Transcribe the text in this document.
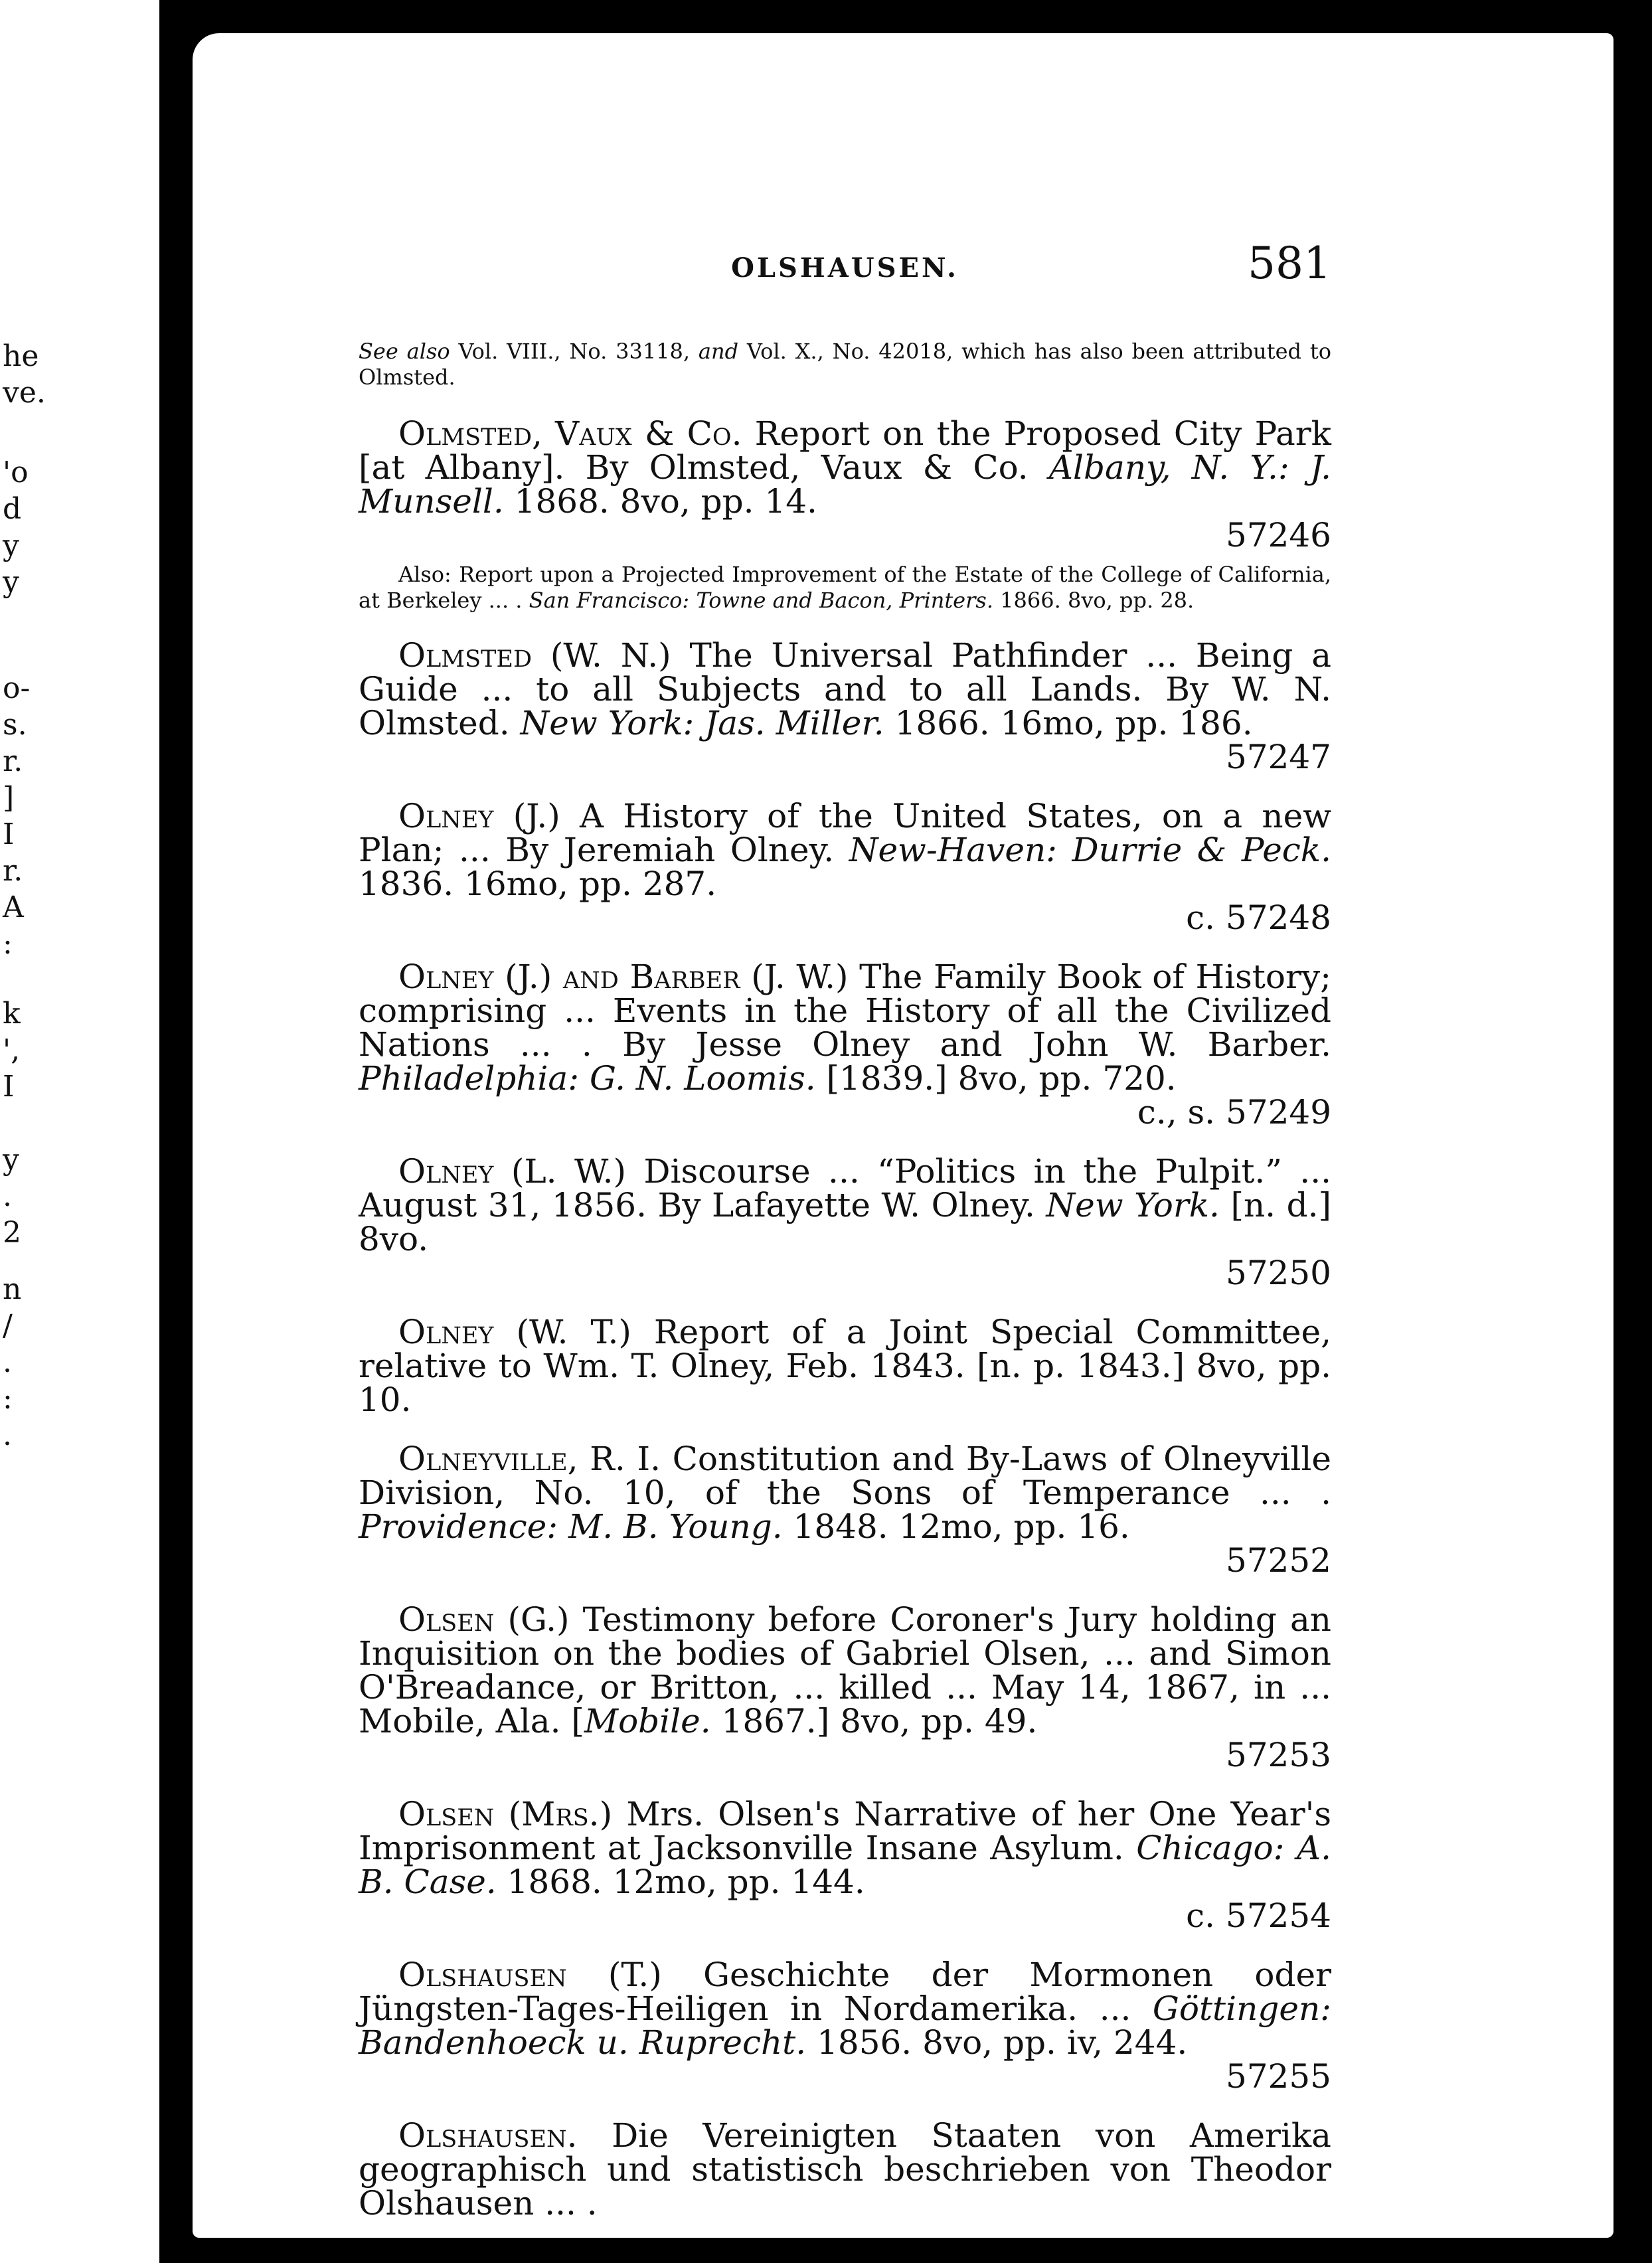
he
ve.
'o
d
y
y
o-
s.
r.
]
I
r.
A
:
k
',
I
y
.
2
n
/
.
:
.
OLSHAUSEN.	581
See also Vol. VIII., No. 33118, and Vol. X., No. 42018, which has also been attributed to Olmsted.
Olmsted, Vaux & Co. Report on the Proposed City Park [at Albany]. By Olmsted, Vaux & Co. Albany, N. Y.: J. Munsell. 1868. 8vo, pp. 14.
57246
Also: Report upon a Projected Improvement of the Estate of the College of California, at Berkeley ... . San Francisco: Towne and Bacon, Printers. 1866. 8vo, pp. 28.
Olmsted (W. N.) The Universal Pathfinder ... Being a Guide ... to all Subjects and to all Lands. By W. N. Olmsted. New York: Jas. Miller. 1866. 16mo, pp. 186.
57247
Olney (J.) A History of the United States, on a new Plan; ... By Jeremiah Olney. New-Haven: Durrie & Peck. 1836. 16mo, pp. 287.
c. 57248
Olney (J.) and Barber (J. W.) The Family Book of History; comprising ... Events in the History of all the Civilized Nations ... . By Jesse Olney and John W. Barber. Philadelphia: G. N. Loomis. [1839.] 8vo, pp. 720.
c., s. 57249
Olney (L. W.) Discourse ... “Politics in the Pulpit.” ... August 31, 1856. By Lafayette W. Olney. New York. [n. d.] 8vo.
57250
Olney (W. T.) Report of a Joint Special Committee, relative to Wm. T. Olney, Feb. 1843. [n. p. 1843.] 8vo, pp. 10.
Olneyville, R. I. Constitution and By-Laws of Olneyville Division, No. 10, of the Sons of Temperance ... . Providence: M. B. Young. 1848. 12mo, pp. 16.
57252
Olsen (G.) Testimony before Coroner's Jury holding an Inquisition on the bodies of Gabriel Olsen, ... and Simon O'Breadance, or Britton, ... killed ... May 14, 1867, in ... Mobile, Ala. [Mobile. 1867.] 8vo, pp. 49.
57253
Olsen (Mrs.) Mrs. Olsen's Narrative of her One Year's Imprisonment at Jacksonville Insane Asylum. Chicago: A. B. Case. 1868. 12mo, pp. 144.
c. 57254
Olshausen (T.) Geschichte der Mormonen oder Jüngsten-Tages-Heiligen in Nordamerika. ... Göttingen: Bandenhoeck u. Ruprecht. 1856. 8vo, pp. iv, 244.
57255
Olshausen. Die Vereinigten Staaten von Amerika geographisch und statistisch beschrieben von Theodor Olshausen ... .
